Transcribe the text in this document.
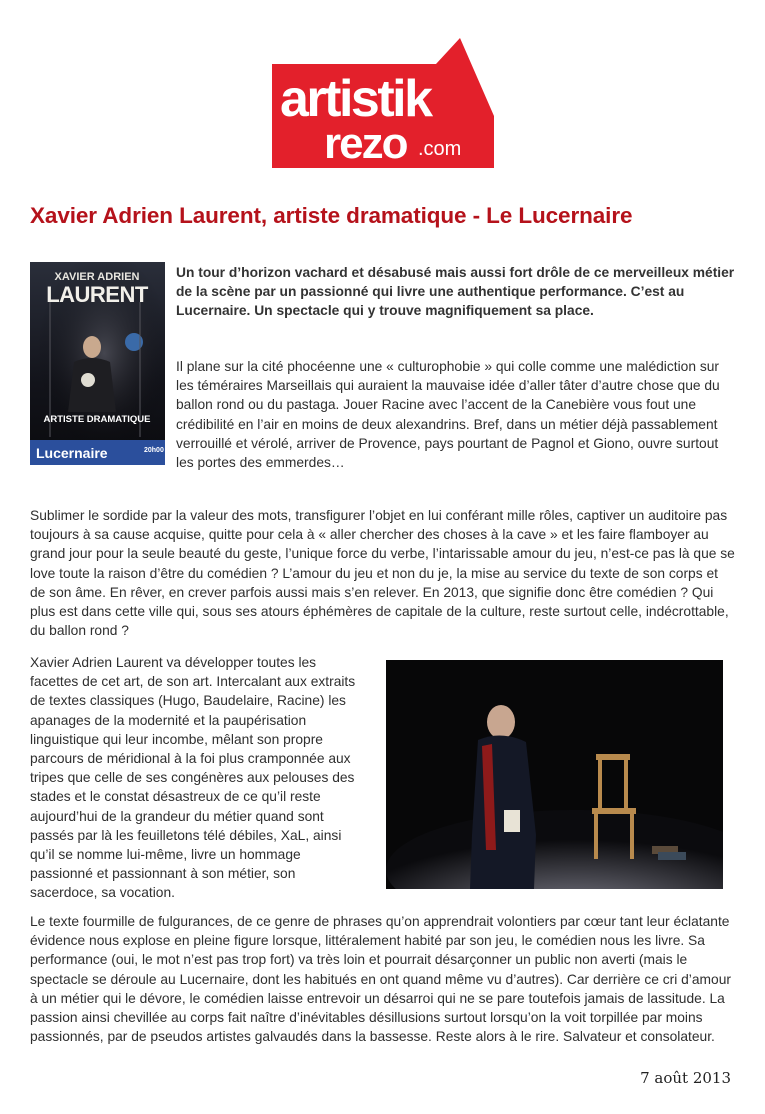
artistik
rezo .com
Xavier Adrien Laurent, artiste dramatique - Le Lucernaire
XAVIER ADRIEN
LAURENT
ARTISTE DRAMATIQUE
Lucernaire	20h00

Un tour d’horizon vachard et désabusé mais aussi fort drôle de ce merveilleux métier de la scène par un passionné qui livre une authentique performance. C’est au Lucernaire. Un spectacle qui y trouve magnifiquement sa place.

Il plane sur la cité phocéenne une « culturophobie » qui colle comme une malédiction sur les téméraires Marseillais qui auraient la mauvaise idée d’aller tâter d’autre chose que du ballon rond ou du pastaga. Jouer Racine avec l’accent de la Canebière vous fout une crédibilité en l’air en moins de deux alexandrins. Bref, dans un métier déjà passablement verrouillé et vérolé, arriver de Provence, pays pourtant de Pagnol et Giono, ouvre surtout les portes des emmerdes…

Sublimer le sordide par la valeur des mots, transfigurer l’objet en lui conférant mille rôles, captiver un auditoire pas toujours à sa cause acquise, quitte pour cela à « aller chercher des choses à la cave » et les faire flamboyer au grand jour pour la seule beauté du geste, l’unique force du verbe, l’intarissable amour du jeu, n’est-ce pas là que se love toute la raison d’être du comédien ? L’amour du jeu et non du je, la mise au service du texte de son corps et de son âme. En rêver, en crever parfois aussi mais s’en relever. En 2013, que signifie donc être comédien ? Qui plus est dans cette ville qui, sous ses atours éphémères de capitale de la culture, reste surtout celle, indécrottable, du ballon rond ?

Xavier Adrien Laurent va développer toutes les facettes de cet art, de son art. Intercalant aux extraits de textes classiques (Hugo, Baudelaire, Racine) les apanages de la modernité et la paupérisation linguistique qui leur incombe, mêlant son propre parcours de méridional à la foi plus cramponnée aux tripes que celle de ses congénères aux pelouses des stades et le constat désastreux de ce qu’il reste aujourd’hui de la grandeur du métier quand sont passés par là les feuilletons télé débiles, XaL, ainsi qu’il se nomme lui-même, livre un hommage passionné et passionnant à son métier, son sacerdoce, sa vocation.

Le texte fourmille de fulgurances, de ce genre de phrases qu’on apprendrait volontiers par cœur tant leur éclatante évidence nous explose en pleine figure lorsque, littéralement habité par son jeu, le comédien nous les livre. Sa performance (oui, le mot n’est pas trop fort) va très loin et pourrait désarçonner un public non averti (mais le spectacle se déroule au Lucernaire, dont les habitués en ont quand même vu d’autres). Car derrière ce cri d’amour à un métier qui le dévore, le comédien laisse entrevoir un désarroi qui ne se pare toutefois jamais de lassitude. La passion ainsi chevillée au corps fait naître d’inévitables désillusions surtout lorsqu’on la voit torpillée par moins passionnés, par de pseudos artistes galvaudés dans la bassesse. Reste alors à le rire. Salvateur et consolateur.

7 août 2013
